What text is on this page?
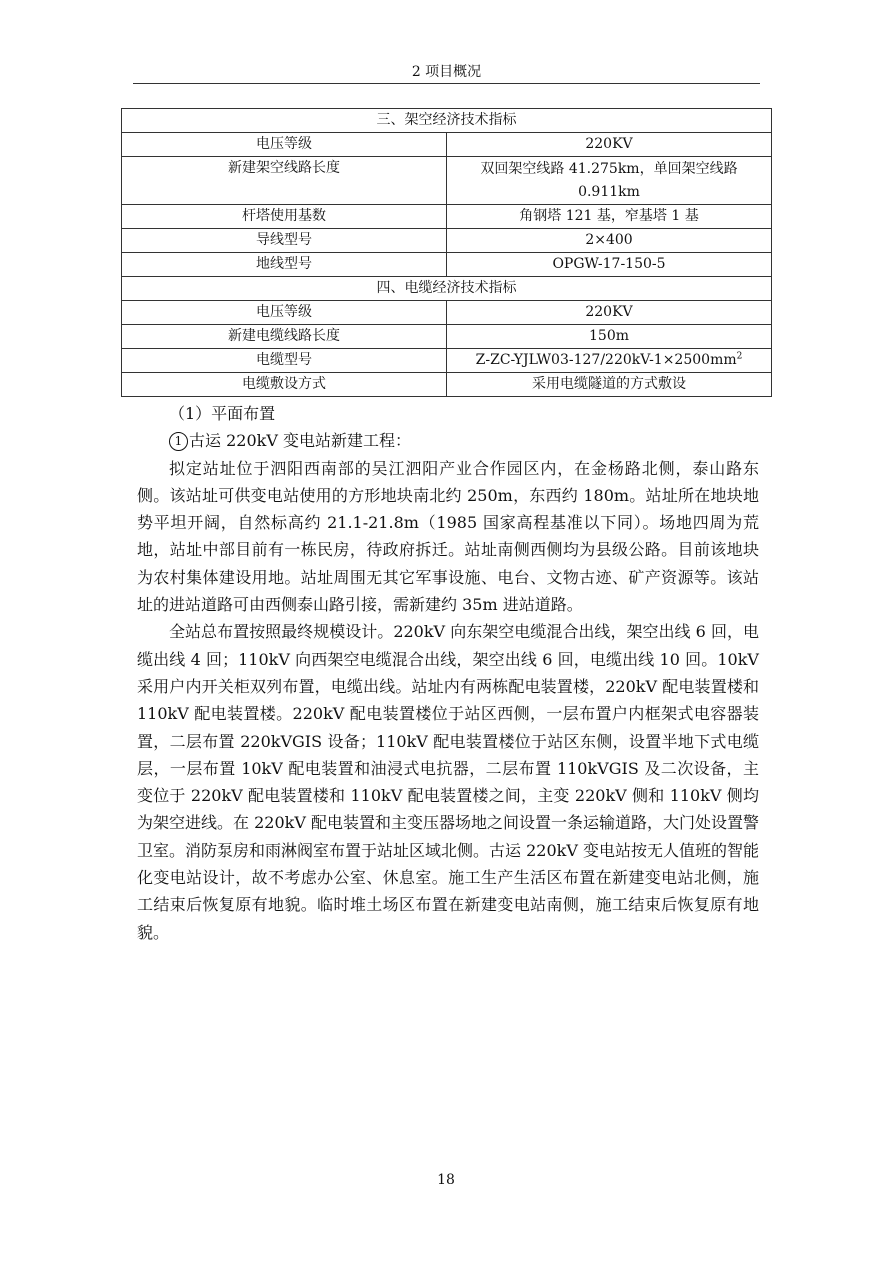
2 项目概况
三、架空经济技术指标	
电压等级	220KV
新建架空线路长度	双回架空线路 41.275km，单回架空线路 0.911km
杆塔使用基数	角钢塔 121 基，窄基塔 1 基
导线型号	2×400
地线型号	OPGW-17-150-5
四、电缆经济技术指标	
电压等级	220KV
新建电缆线路长度	150m
电缆型号	$Z-ZC-YJLW03-127/220kV-1\times 2500mm^2$
电缆敷设方式	采用电缆隧道的方式敷设

（1）平面布置

1 古运 220kV 变电站新建工程：

拟定站址位于泗阳西南部的吴江泗阳产业合作园区内，在金杨路北侧，泰山路东侧。该站址可供变电站使用的方形地块南北约 250m，东西约 180m。站址所在地块地势平坦开阔，自然标高约 21.1-21.8m（1985 国家高程基准以下同）。场地四周为荒地，站址中部目前有一栋民房，待政府拆迁。站址南侧西侧均为县级公路。目前该地块为农村集体建设用地。站址周围无其它军事设施、电台、文物古迹、矿产资源等。该站址的进站道路可由西侧泰山路引接，需新建约 35m 进站道路。

全站总布置按照最终规模设计。220kV 向东架空电缆混合出线，架空出线 6 回，电缆出线 4 回；110kV 向西架空电缆混合出线，架空出线 6 回，电缆出线 10 回。10kV 采用户内开关柜双列布置，电缆出线。站址内有两栋配电装置楼，220kV 配电装置楼和 110kV 配电装置楼。220kV 配电装置楼位于站区西侧，一层布置户内框架式电容器装置，二层布置 220kVGIS 设备；110kV 配电装置楼位于站区东侧，设置半地下式电缆层，一层布置 10kV 配电装置和油浸式电抗器，二层布置 110kVGIS 及二次设备，主变位于 220kV 配电装置楼和 110kV 配电装置楼之间，主变 220kV 侧和 110kV 侧均为架空进线。在 220kV 配电装置和主变压器场地之间设置一条运输道路，大门处设置警卫室。消防泵房和雨淋阀室布置于站址区域北侧。古运 220kV 变电站按无人值班的智能化变电站设计，故不考虑办公室、休息室。施工生产生活区布置在新建变电站北侧，施工结束后恢复原有地貌。临时堆土场区布置在新建变电站南侧，施工结束后恢复原有地貌。

18
